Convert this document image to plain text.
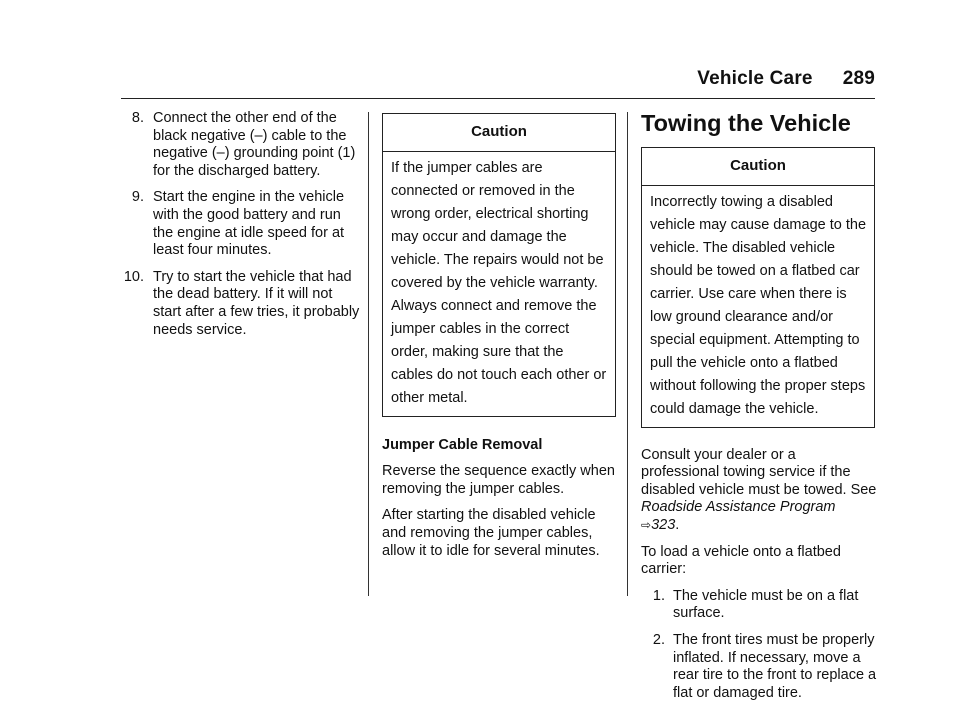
Vehicle Care 289
8. Connect the other end of the black negative (–) cable to the negative (–) grounding point (1) for the discharged battery.
9. Start the engine in the vehicle with the good battery and run the engine at idle speed for at least four minutes.
10. Try to start the vehicle that had the dead battery. If it will not start after a few tries, it probably needs service.
Caution
If the jumper cables are connected or removed in the wrong order, electrical shorting may occur and damage the vehicle. The repairs would not be covered by the vehicle warranty. Always connect and remove the jumper cables in the correct order, making sure that the cables do not touch each other or other metal.
Jumper Cable Removal

Reverse the sequence exactly when removing the jumper cables.

After starting the disabled vehicle and removing the jumper cables, allow it to idle for several minutes.

Towing the Vehicle
Caution
Incorrectly towing a disabled vehicle may cause damage to the vehicle. The disabled vehicle should be towed on a flatbed car carrier. Use care when there is low ground clearance and/or special equipment. Attempting to pull the vehicle onto a flatbed without following the proper steps could damage the vehicle.

Consult your dealer or a professional towing service if the disabled vehicle must be towed. See Roadside Assistance Program ⇨323.

To load a vehicle onto a flatbed carrier:

1. The vehicle must be on a flat surface.
2. The front tires must be properly inflated. If necessary, move a rear tire to the front to replace a flat or damaged tire.
